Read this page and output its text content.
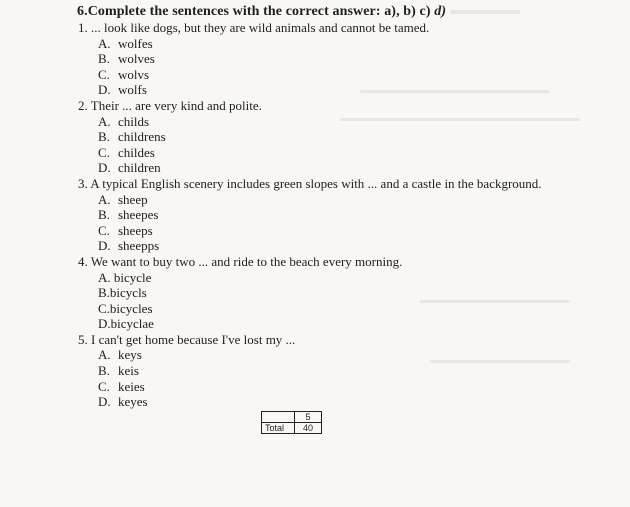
6.Complete the sentences with the correct answer: a), b) c) d)
1. ... look like dogs, but they are wild animals and cannot be tamed.
A. wolfes
B. wolves
C. wolvs
D. wolfs
2. Their ... are very kind and polite.
A. childs
B. childrens
C. childes
D. children
3. A typical English scenery includes green slopes with ... and a castle in the background.
A. sheep
B. sheepes
C. sheeps
D. sheepps
4. We want to buy two ... and ride to the beach every morning.
A. bicycle
B.bicycls
C.bicycles
D.bicyclae
5. I can't get home because I've lost my ...
A. keys
B. keis
C. keies
D. keyes
	5
Total	40
